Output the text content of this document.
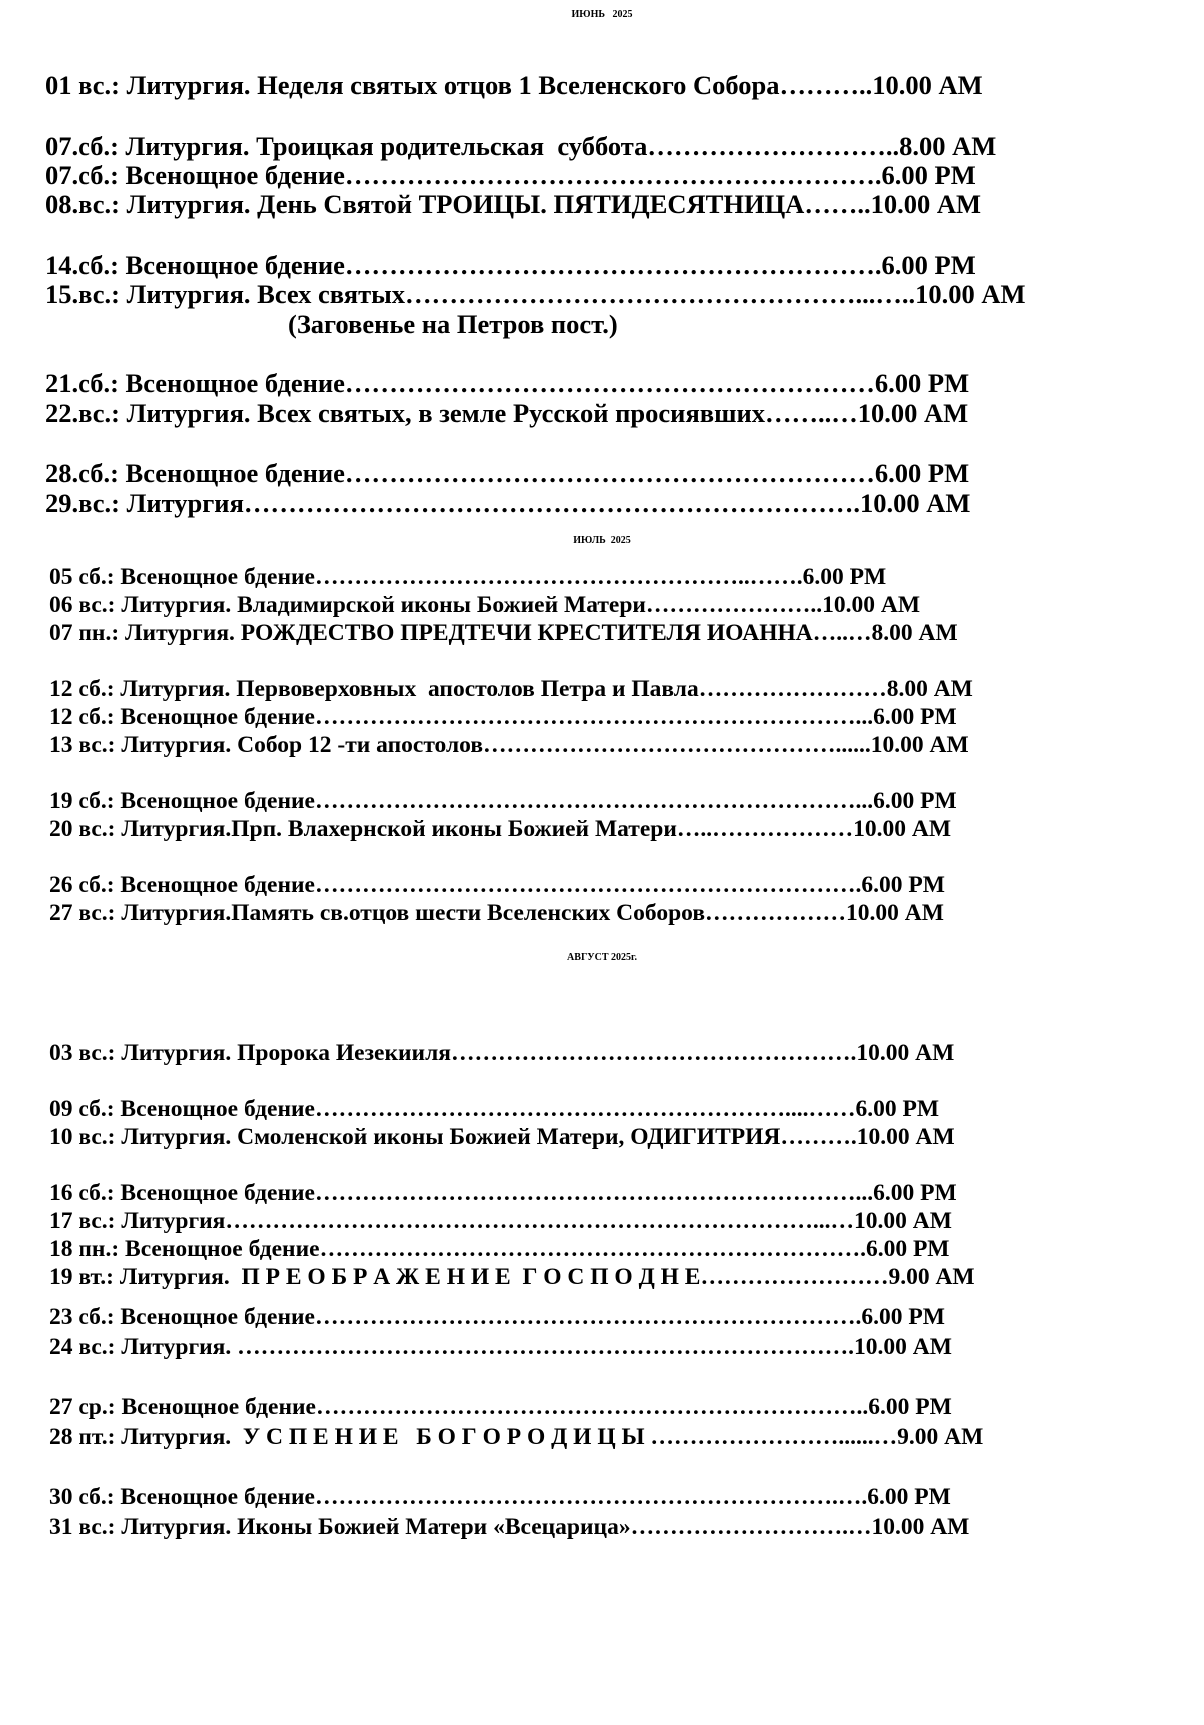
ИЮНЬ   2025
01 вс.: Литургия. Неделя святых отцов 1 Вселенского Собора………..10.00 AM
07.сб.: Литургия. Троицкая родительская  суббота………………………..8.00 AM
07.сб.: Всенощное бдение…………………………………………………….6.00 PM
08.вс.: Литургия. День Святой ТРОИЦЫ. ПЯТИДЕСЯТНИЦА……..10.00 AM
14.сб.: Всенощное бдение…………………………………………………….6.00 PM
15.вс.: Литургия. Всех святых……………………………………………...…..10.00 AM
(Заговенье на Петров пост.)
21.сб.: Всенощное бдение……………………………………………………6.00 PM
22.вс.: Литургия. Всех святых, в земле Русской просиявших……..…10.00 AM
28.сб.: Всенощное бдение……………………………………………………6.00 PM
29.вс.: Литургия…………………………………………………………….10.00 AM
ИЮЛЬ  2025
05 сб.: Всенощное бдение………………………………………………..…….6.00 PM
06 вс.: Литургия. Владимирской иконы Божией Матери…………………..10.00 AM
07 пн.: Литургия. РОЖДЕСТВО ПРЕДТЕЧИ КРЕСТИТЕЛЯ ИОАННА…..…8.00 AM
12 сб.: Литургия. Первоверховных  апостолов Петра и Павла……………………8.00 AM
12 сб.: Всенощное бдение……………………………………………………………...6.00 PM
13 вс.: Литургия. Собор 12 -ти апостолов………………………………………......10.00 AM
19 сб.: Всенощное бдение……………………………………………………………...6.00 PM
20 вс.: Литургия.Прп. Влахернской иконы Божией Матери…..………………10.00 AM
26 сб.: Всенощное бдение…………………………………………………………….6.00 PM
27 вс.: Литургия.Память св.отцов шести Вселенских Соборов………………10.00 AM
АВГУСТ 2025г.
03 вс.: Литургия. Пророка Иезекииля…………………………………………….10.00 AM
09 сб.: Всенощное бдение……………………………………………………....……6.00 PM
10 вс.: Литургия. Смоленской иконы Божией Матери, ОДИГИТРИЯ……….10.00 AM
16 сб.: Всенощное бдение……………………………………………………………...6.00 PM
17 вс.: Литургия…………………………………………………………………...…10.00 AM
18 пн.: Всенощное бдение…………………………………………………………….6.00 PM
19 вт.: Литургия.  П Р Е О Б Р А Ж Е Н И Е  Г О С П О Д Н Е……………………9.00 AM
23 сб.: Всенощное бдение…………………………………………………………….6.00 PM
24 вс.: Литургия. …………………………………………………………………….10.00 AM
27 ср.: Всенощное бдение……………………………………………………………..6.00 PM
28 пт.: Литургия.  У С П Е Н И Е   Б О Г О Р О Д И Ц Ы ……………………......…9.00 AM
30 сб.: Всенощное бдение………………………………………………………….….6.00 PM
31 вс.: Литургия. Иконы Божией Матери «Всецарица»……………………….…10.00 AM
